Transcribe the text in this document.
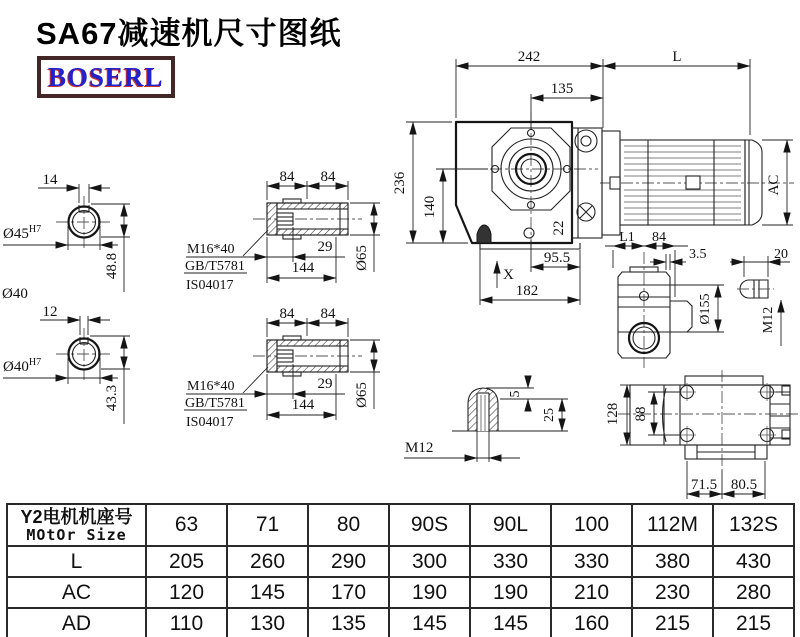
SA67减速机尺寸图纸
BOSERL
14
48.8
$Ø45^{H7}$
Ø40
12
43.3
$Ø40^{H7}$
84 84
29
144	Ø65
M16*40
GB/T5781
IS04017
84 84
29
144	Ø65
M16*40
GB/T5781
IS04017
242	L
135
236
140
22
95.5
182
X
AC
L1 84
3.5
Ø155
20
M12
M12
5
25	128 88
71.5 80.5
Y2电机机座号
MOtOr Size	63	71	80	90S	90L	100	112M	132S
L	205	260	290	300	330	330	380	430
AC	120	145	170	190	190	210	230	280
AD	110	130	135	145	145	160	215	215
